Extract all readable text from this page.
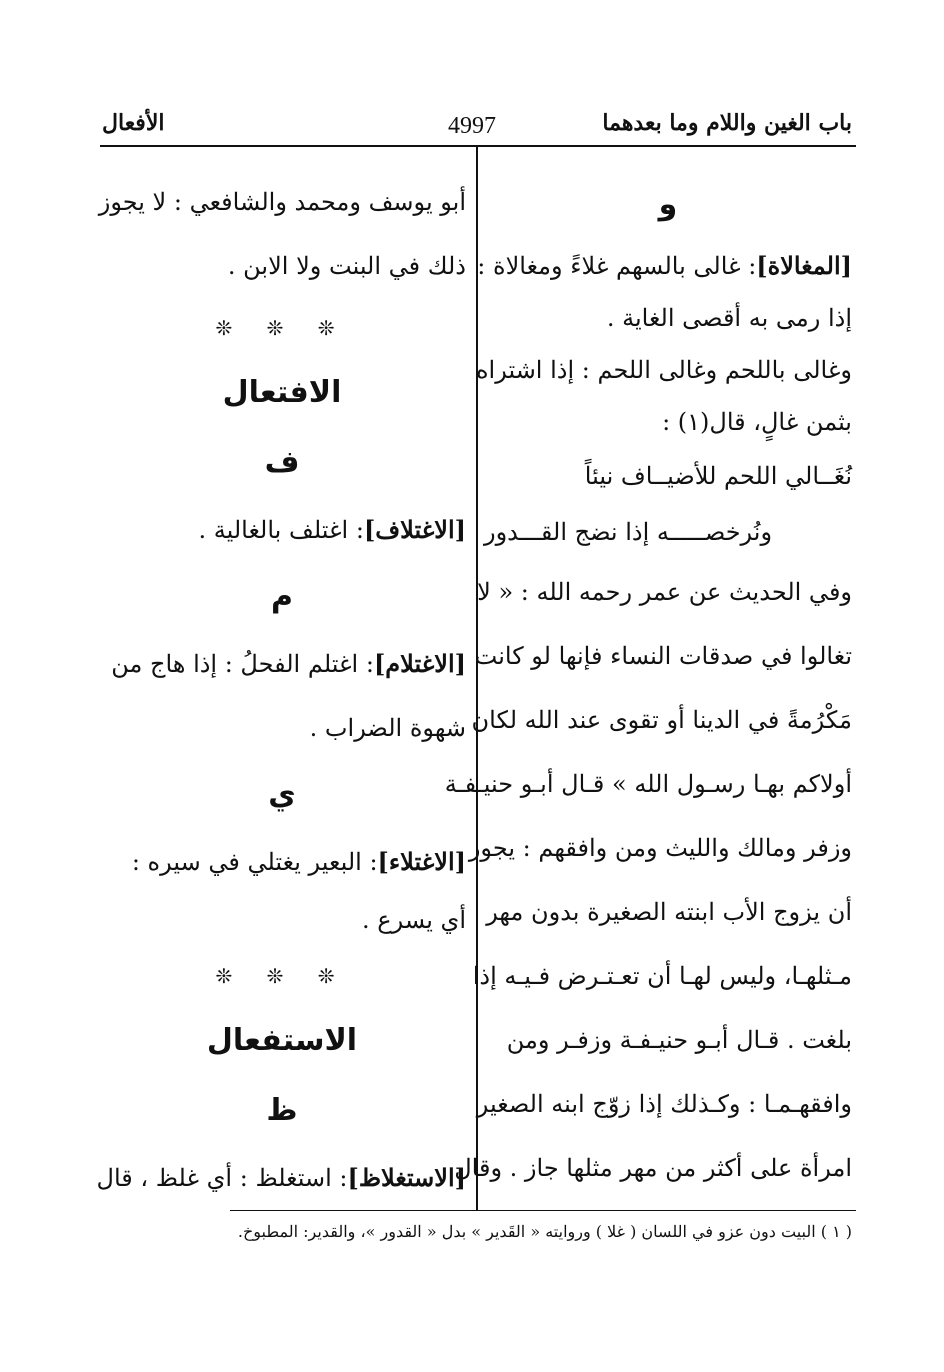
باب الغين واللام وما بعدهما
4997
الأفعال
و
[المغالاة]: غالى بالسهم غلاءً ومغالاة :
إذا رمى به أقصى الغاية .
وغالى باللحم وغالى اللحم : إذا اشتراه
بثمن غالٍ، قال(١) :
نُغَــالي اللحم للأضيــاف نيئاً
ونُرخصـــــه إذا نضج القـــدور
وفي الحديث عن عمر رحمه الله : « لا
تغالوا في صدقات النساء فإنها لو كانت
مَكْرُمةً في الدينا أو تقوى عند الله لكان
أولاكم بهـا رسـول الله » قـال أبـو حنيـفـة
وزفر ومالك والليث ومن وافقهم : يجوز
أن يزوج الأب ابنته الصغيرة بدون مهر
مـثلهـا، وليس لهـا أن تعـتـرض فـيـه إذا
بلغت . قـال أبـو حنيـفـة وزفـر ومن
وافقهـمـا : وكـذلك إذا زوّج ابنه الصغير
امرأة على أكثر من مهر مثلها جاز . وقال
أبو يوسف ومحمد والشافعي : لا يجوز
ذلك في البنت ولا الابن .
❊ ❊ ❊
الافتعال
ف
[الاغتلاف]: اغتلف بالغالية .
م
[الاغتلام]: اغتلم الفحلُ : إذا هاج من
شهوة الضراب .
ي
[الاغتلاء]: البعير يغتلي في سيره :
أي يسرع .
❊ ❊ ❊
الاستفعال
ظ
[الاستغلاظ]: استغلظ : أي غلظ ، قال
( ١ ) البيت دون عزو في اللسان ( غلا ) وروايته « القَدير » بدل « القدور »، والقدير: المطبوخ.
